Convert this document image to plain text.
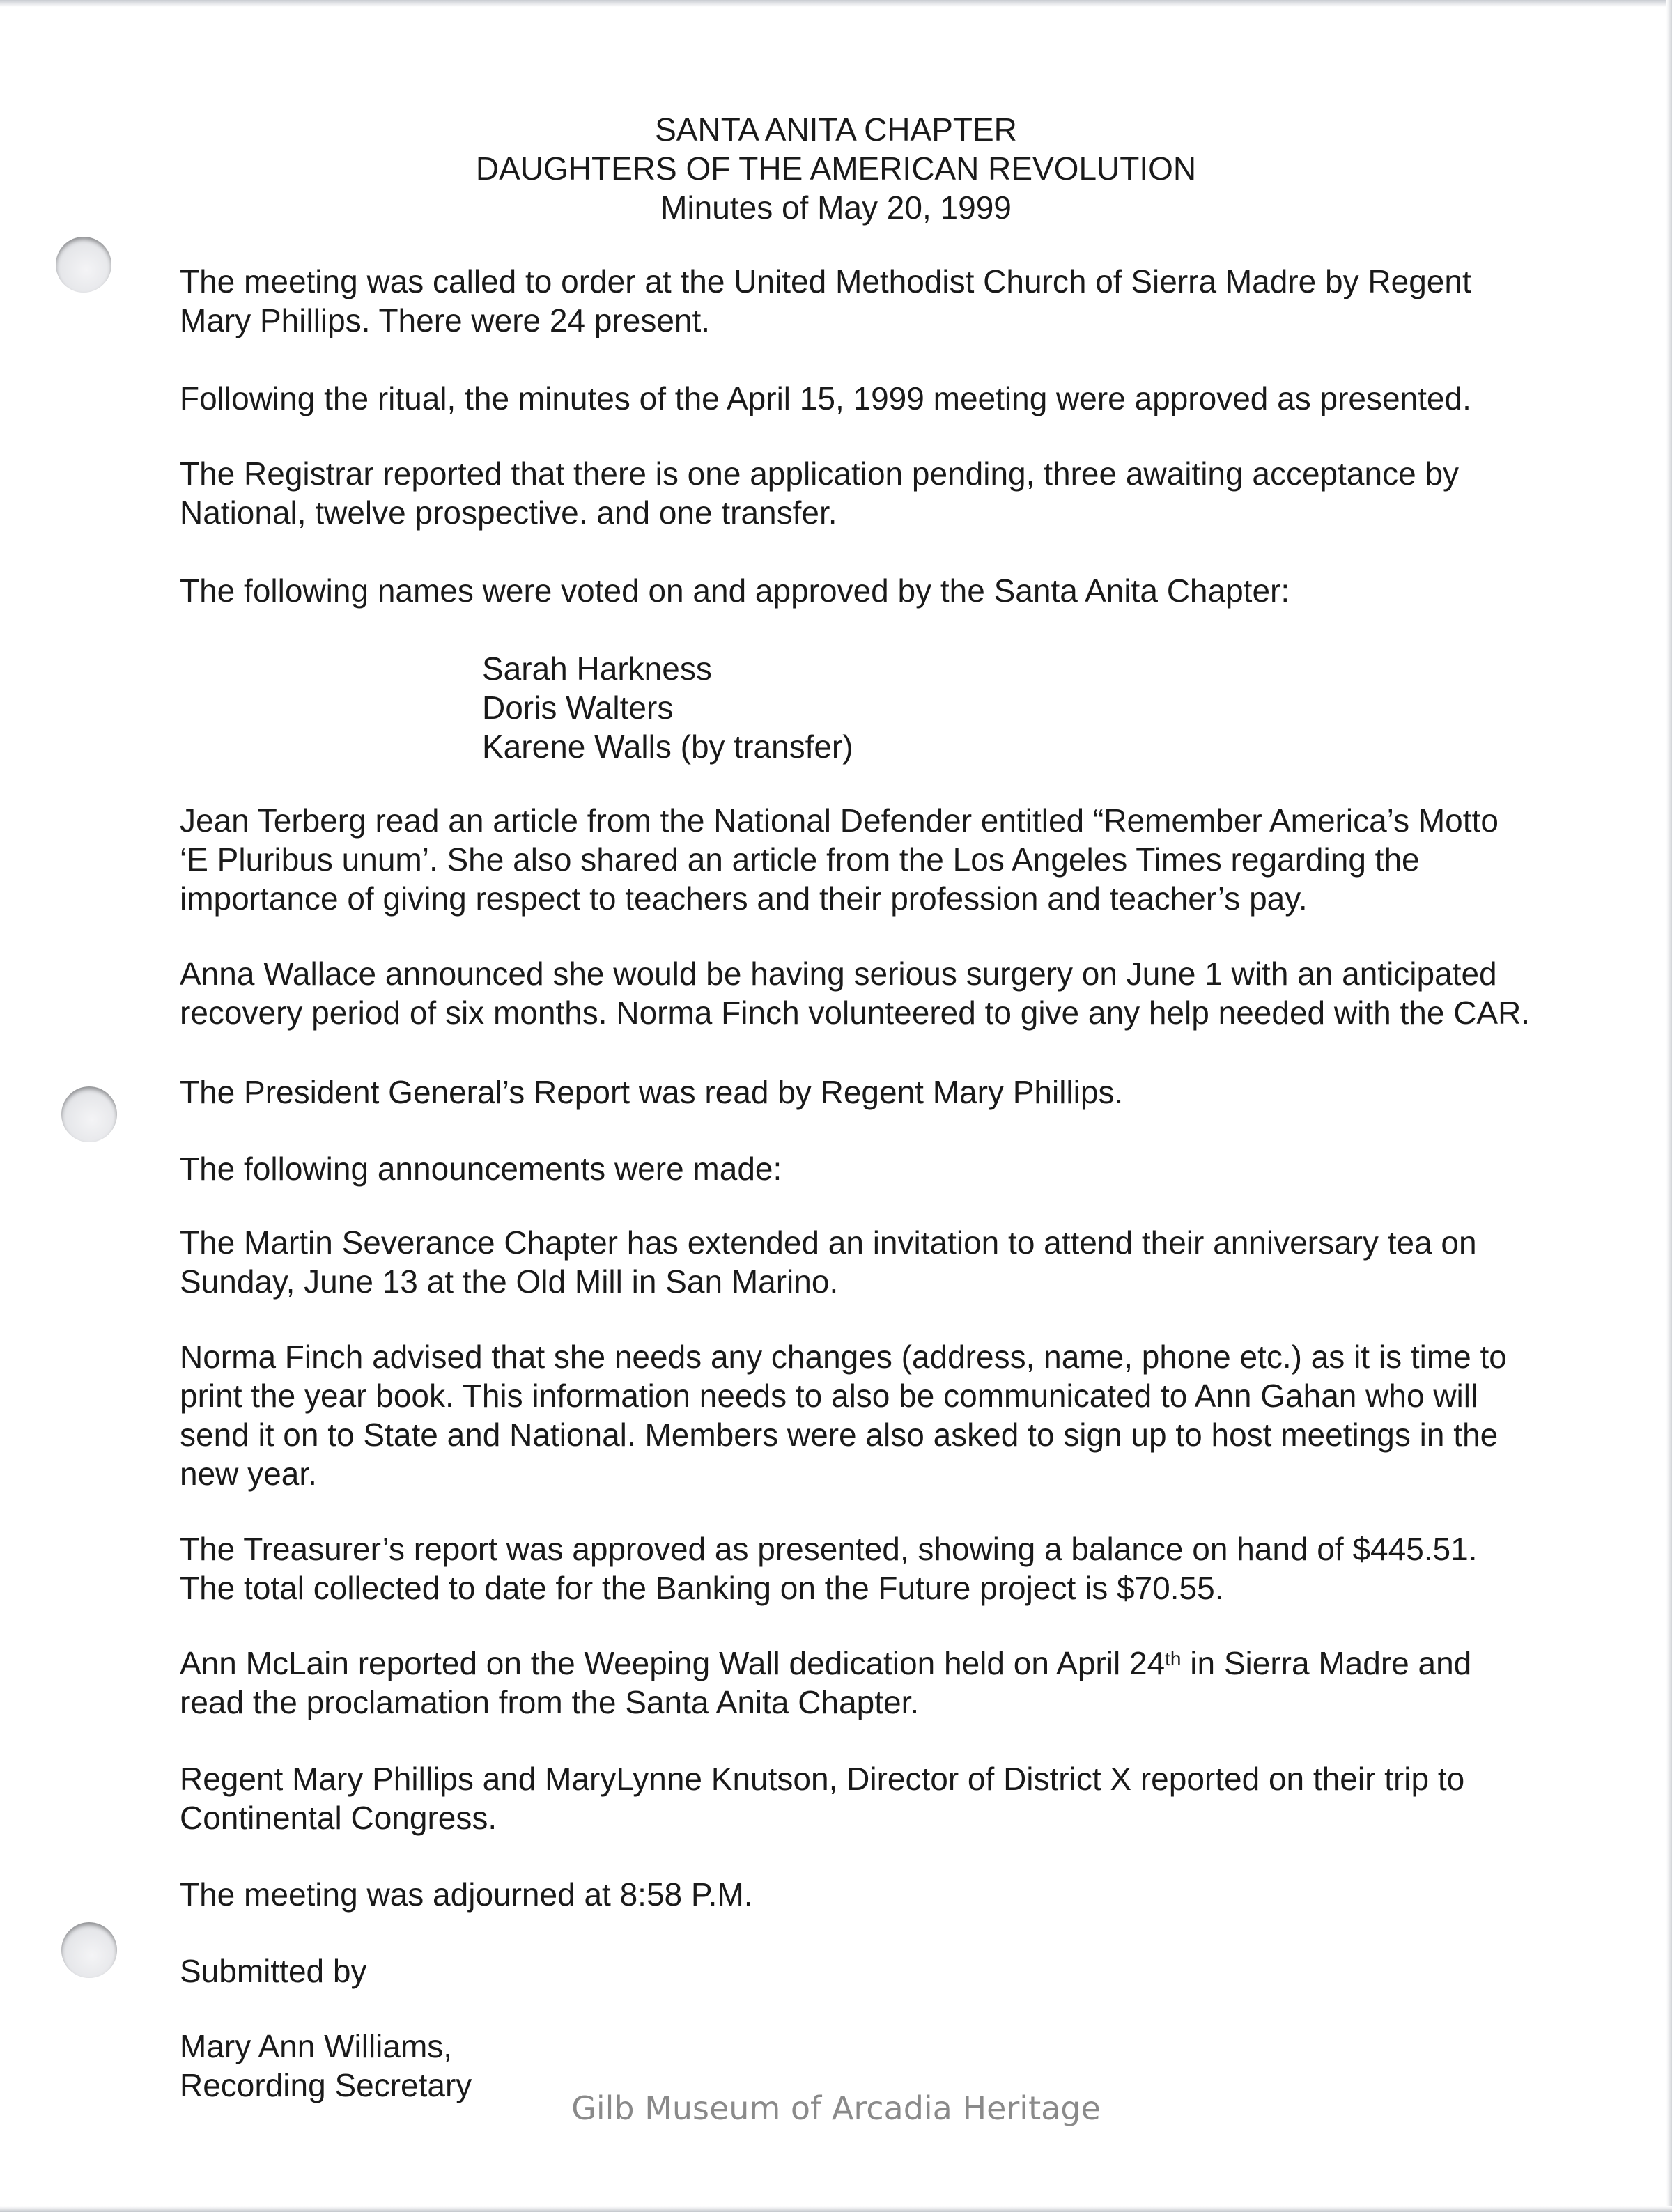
SANTA ANITA CHAPTER
DAUGHTERS OF THE AMERICAN REVOLUTION
Minutes of May 20, 1999
The meeting was called to order at the United Methodist Church of Sierra Madre by Regent
Mary Phillips. There were 24 present.
Following the ritual, the minutes of the April 15, 1999 meeting were approved as presented.
The Registrar reported that there is one application pending, three awaiting acceptance by
National, twelve prospective. and one transfer.
The following names were voted on and approved by the Santa Anita Chapter:
Sarah Harkness
Doris Walters
Karene Walls (by transfer)
Jean Terberg read an article from the National Defender entitled “Remember America’s Motto
‘E Pluribus unum’. She also shared an article from the Los Angeles Times regarding the
importance of giving respect to teachers and their profession and teacher’s pay.
Anna Wallace announced she would be having serious surgery on June 1 with an anticipated
recovery period of six months. Norma Finch volunteered to give any help needed with the CAR.
The President General’s Report was read by Regent Mary Phillips.
The following announcements were made:
The Martin Severance Chapter has extended an invitation to attend their anniversary tea on
Sunday, June 13 at the Old Mill in San Marino.
Norma Finch advised that she needs any changes (address, name, phone etc.) as it is time to
print the year book. This information needs to also be communicated to Ann Gahan who will
send it on to State and National. Members were also asked to sign up to host meetings in the
new year.
The Treasurer’s report was approved as presented, showing a balance on hand of $445.51.
The total collected to date for the Banking on the Future project is $70.55.
Ann McLain reported on the Weeping Wall dedication held on April 24th in Sierra Madre and
read the proclamation from the Santa Anita Chapter.
Regent Mary Phillips and MaryLynne Knutson, Director of District X reported on their trip to
Continental Congress.
The meeting was adjourned at 8:58 P.M.
Submitted by
Mary Ann Williams,
Recording Secretary
Gilb Museum of Arcadia Heritage
